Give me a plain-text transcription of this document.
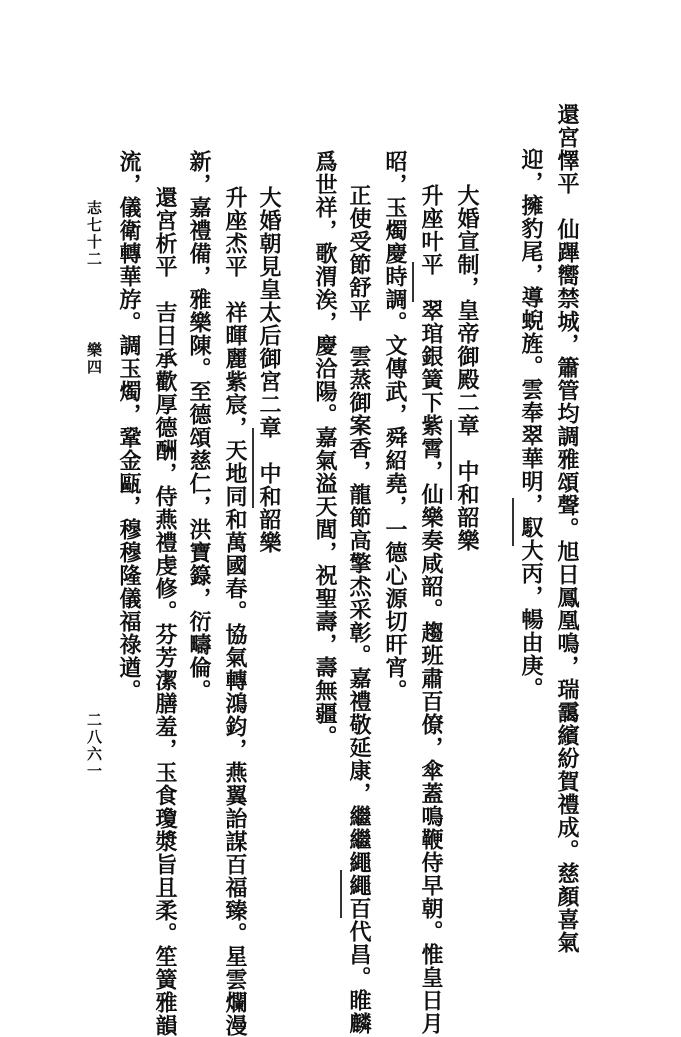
志七十二  樂四
二八六一	還宮懌平　仙蹕嚮禁城，簫管均調雅頌聲。旭日鳳凰鳴，瑞靄繽紛賀禮成。慈顏喜氣
迎，擁豹尾，導蜺旌。雲奉翠華明，馭大丙，暢由庚。
大婚宣制，皇帝御殿二章　中和韶樂
升座叶平　翠琯銀簧下紫霄，仙樂奏咸韶。趨班肅百僚，傘蓋鳴鞭侍早朝。惟皇日月
昭，玉燭慶時調。文傳武，舜紹堯，一德心源切旰宵。
正使受節舒平　雲蒸御案香，龍節高擎𤇍采彰。嘉禮敬延康，繼繼繩繩百代昌。睢麟
爲世祥，歌渭涘，慶洽陽。嘉氣溢天閭，祝聖壽，壽無疆。
大婚朝見皇太后御宮二章　中和韶樂
升座𤇍平　祥暉麗紫宸，天地同和萬國春。協氣轉鴻鈞，燕翼詒謀百福臻。星雲爛漫
新，嘉禮備，雅樂陳。至德頌慈仁，洪寶籙，衍疇倫。
還宮析平　吉日承歡厚德酬，侍燕禮虔修。芬芳潔膳羞，玉食瓊漿旨且柔。笙簧雅韻
流，儀衛轉華斿。調玉燭，鞏金甌，穆穆隆儀福祿遒。
